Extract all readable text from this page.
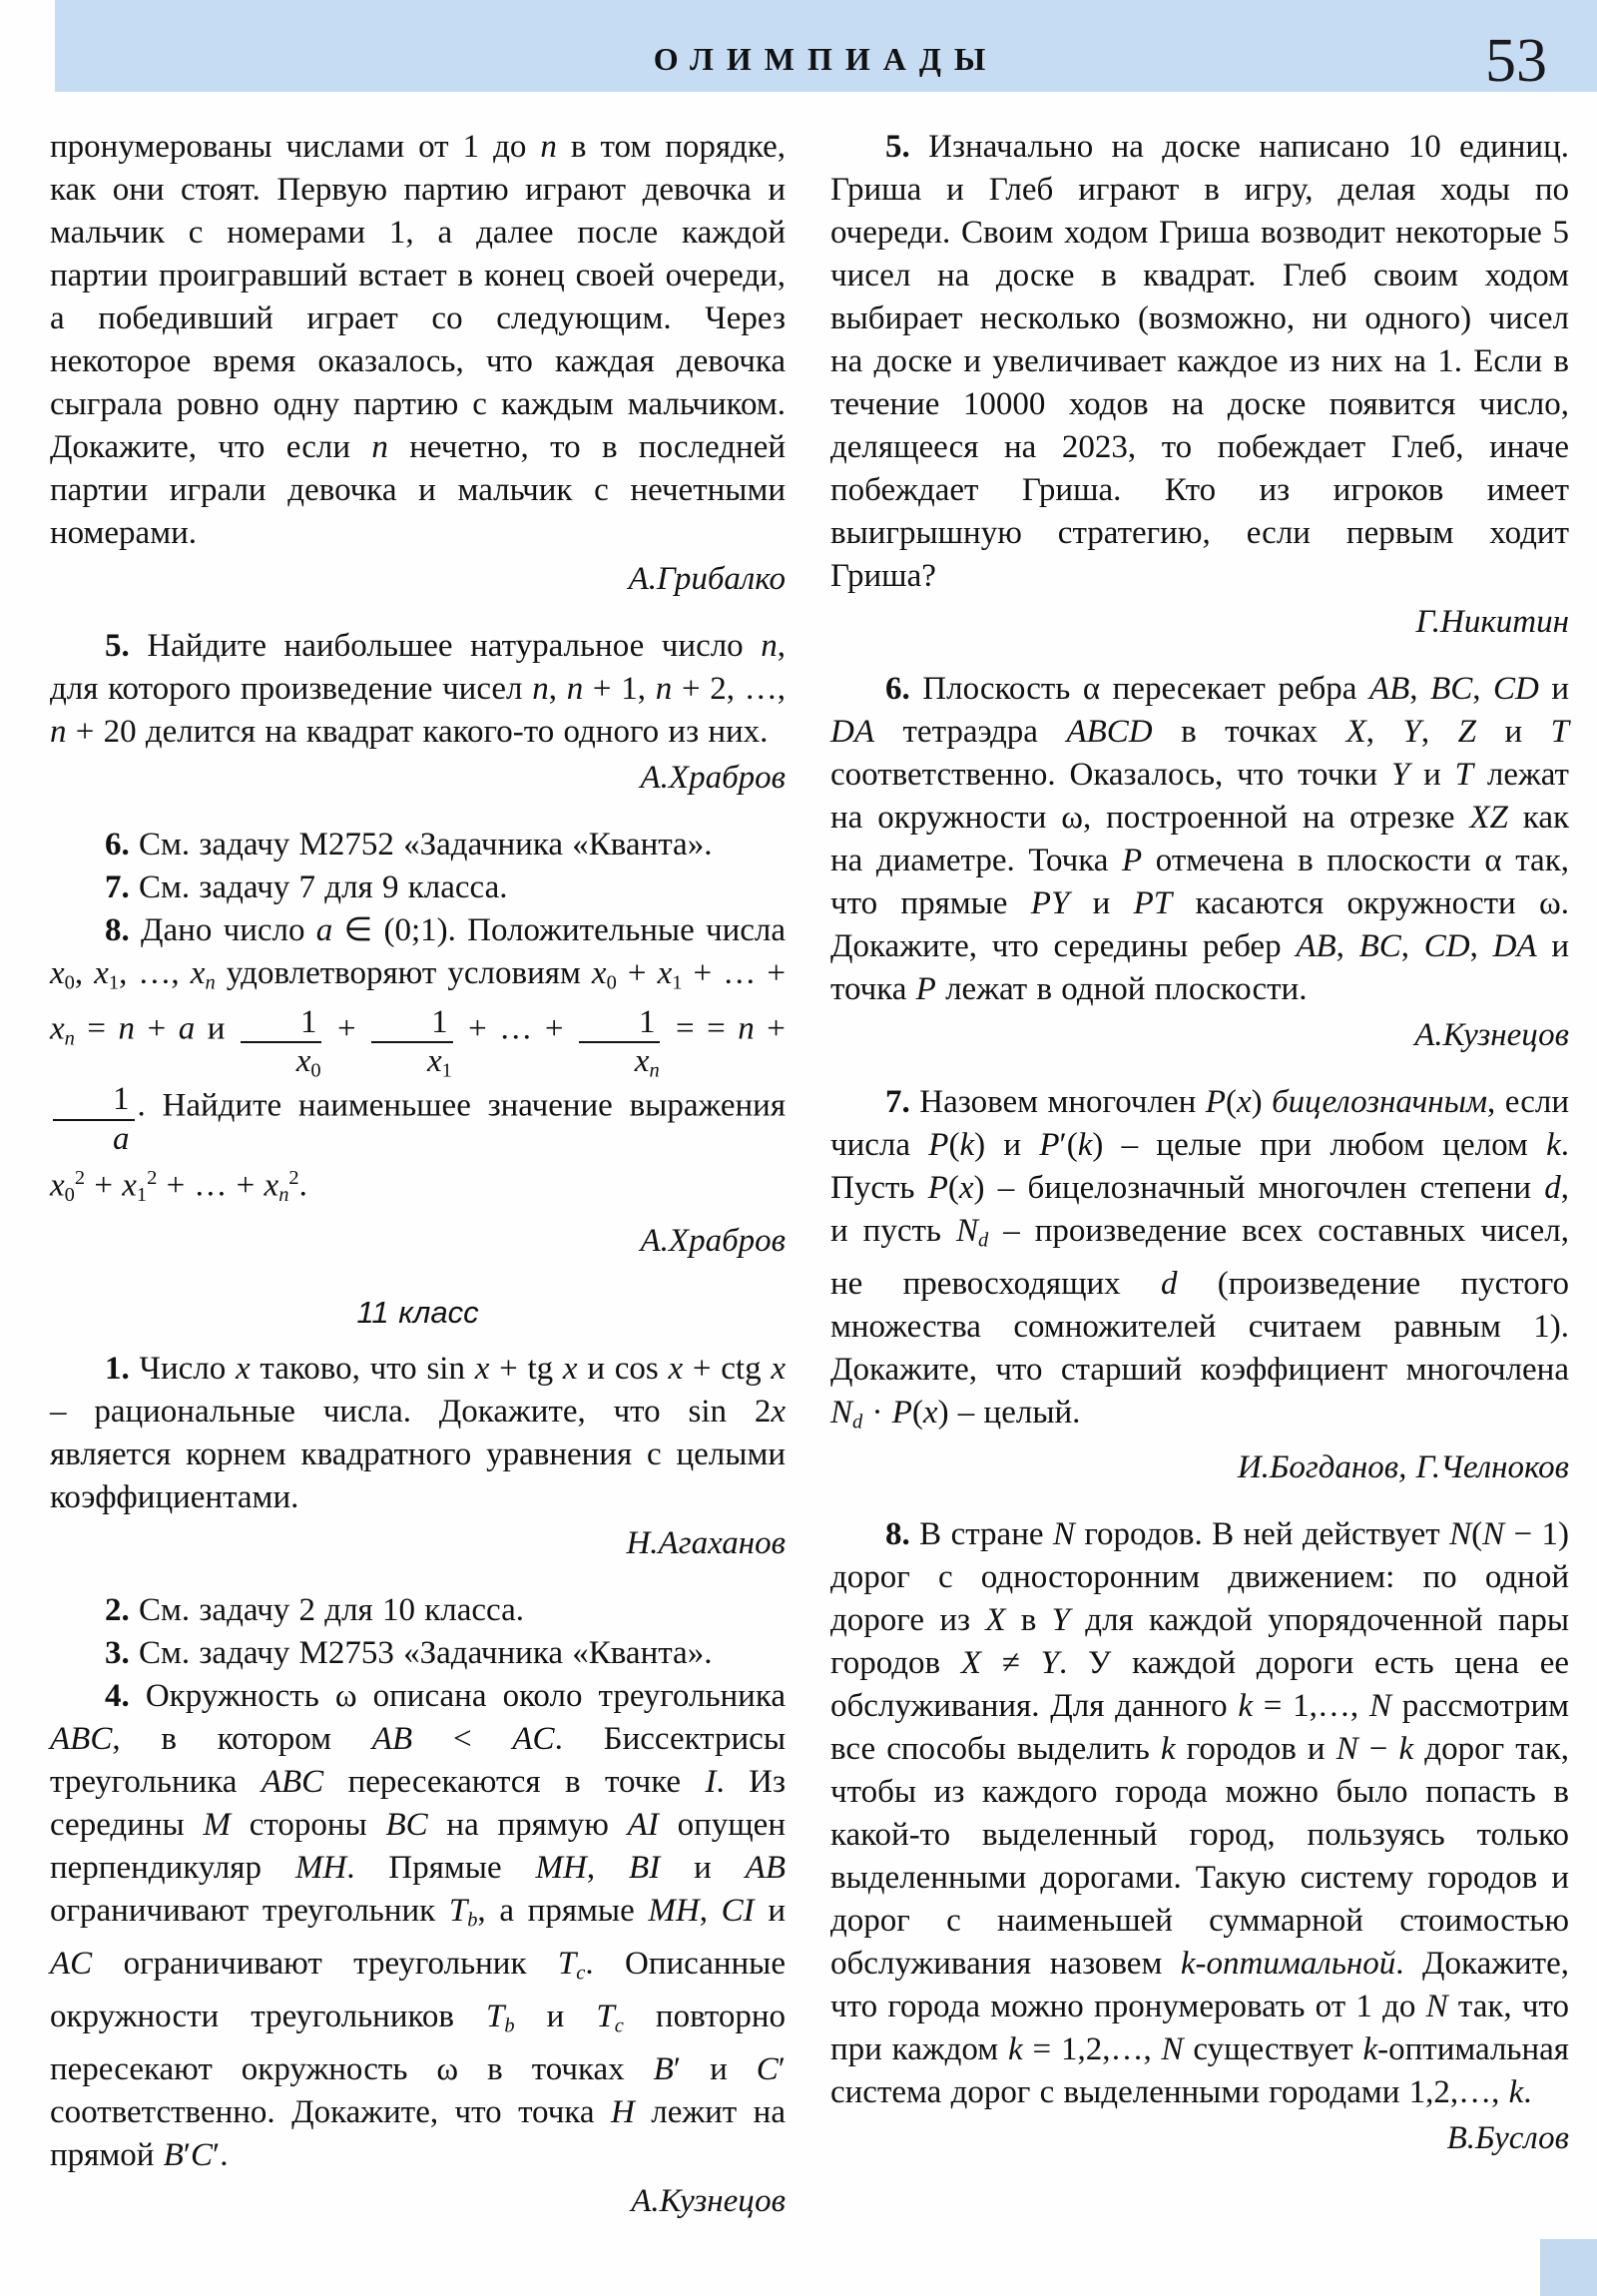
ОЛИМПИАДЫ	53

пронумерованы числами от 1 до n в том порядке, как они стоят. Первую партию играют девочка и мальчик с номерами 1, а далее после каждой партии проигравший встает в конец своей очереди, а победивший играет со следующим. Через некоторое время оказалось, что каждая девочка сыграла ровно одну партию с каждым мальчиком. Докажите, что если n нечетно, то в последней партии играли девочка и мальчик с нечетными номерами.

А.Грибалко

5. Найдите наибольшее натуральное число n, для которого произведение чисел n, n + 1, n + 2, …, n + 20 делится на квадрат какого-то одного из них.

А.Храбров

6. См. задачу М2752 «Задачника «Кванта».

7. См. задачу 7 для 9 класса.

8. Дано число a ∈ (0;1). Положительные числа x0, x1, …, xn удовлетворяют условиям x0 + x1 + … + xn = n + a и $\frac{1}{x0} + \frac{1}{x1}$ + … + $\frac{1}{xn}$ = = n +
$\frac{1}{a}$ . Найдите наименьшее значение выражения $x0^2 + x1^2$ + … + $xn^2$.

А.Храбров

11 класс

1. Число x таково, что sin x + tg x и cos x + ctg x – рациональные числа. Докажите, что sin 2x является корнем квадратного уравнения с целыми коэффициентами.

Н.Агаханов

2. См. задачу 2 для 10 класса.

3. См. задачу М2753 «Задачника «Кванта».

4. Окружность ω описана около треугольника ABC, в котором AB < AC. Биссектрисы треугольника ABC пересекаются в точке I. Из середины M стороны BC на прямую AI опущен перпендикуляр MH. Прямые MH, BI и AB ограничивают треугольник Tb, а прямые MH, CI и AC ограничивают треугольник Tc. Описанные окружности треугольников Tb и Tc повторно пересекают окружность ω в точках B′ и C′ соответственно. Докажите, что точка H лежит на прямой B′C′.

А.Кузнецов

5. Изначально на доске написано 10 единиц. Гриша и Глеб играют в игру, делая ходы по очереди. Своим ходом Гриша возводит некоторые 5 чисел на доске в квадрат. Глеб своим ходом выбирает несколько (возможно, ни одного) чисел на доске и увеличивает каждое из них на 1. Если в течение 10000 ходов на доске появится число, делящееся на 2023, то побеждает Глеб, иначе побеждает Гриша. Кто из игроков имеет выигрышную стратегию, если первым ходит Гриша?

Г.Никитин

6. Плоскость α пересекает ребра AB, BC, CD и DA тетраэдра ABCD в точках X, Y, Z и T соответственно. Оказалось, что точки Y и T лежат на окружности ω, построенной на отрезке XZ как на диаметре. Точка P отмечена в плоскости α так, что прямые PY и PT касаются окружности ω. Докажите, что середины ребер AB, BC, CD, DA и точка P лежат в одной плоскости.

А.Кузнецов

7. Назовем многочлен P(x) бицелозначным, если числа P(k) и P′(k) – целые при любом целом k. Пусть P(x) – бицелозначный многочлен степени d, и пусть Nd – произведение всех составных чисел, не превосходящих d (произведение пустого множества сомножителей считаем равным 1). Докажите, что старший коэффициент многочлена Nd · P(x) – целый.

И.Богданов, Г.Челноков

8. В стране N городов. В ней действует N(N − 1) дорог с односторонним движением: по одной дороге из X в Y для каждой упорядоченной пары городов X ≠ Y. У каждой дороги есть цена ее обслуживания. Для данного k = 1,…, N рассмотрим все способы выделить k городов и N − k дорог так, чтобы из каждого города можно было попасть в какой-то выделенный город, пользуясь только выделенными дорогами. Такую систему городов и дорог с наименьшей суммарной стоимостью обслуживания назовем k-оптимальной. Докажите, что города можно пронумеровать от 1 до N так, что при каждом k = 1,2,…, N существует k-оптимальная система дорог с выделенными городами 1,2,…, k.

В.Буслов
